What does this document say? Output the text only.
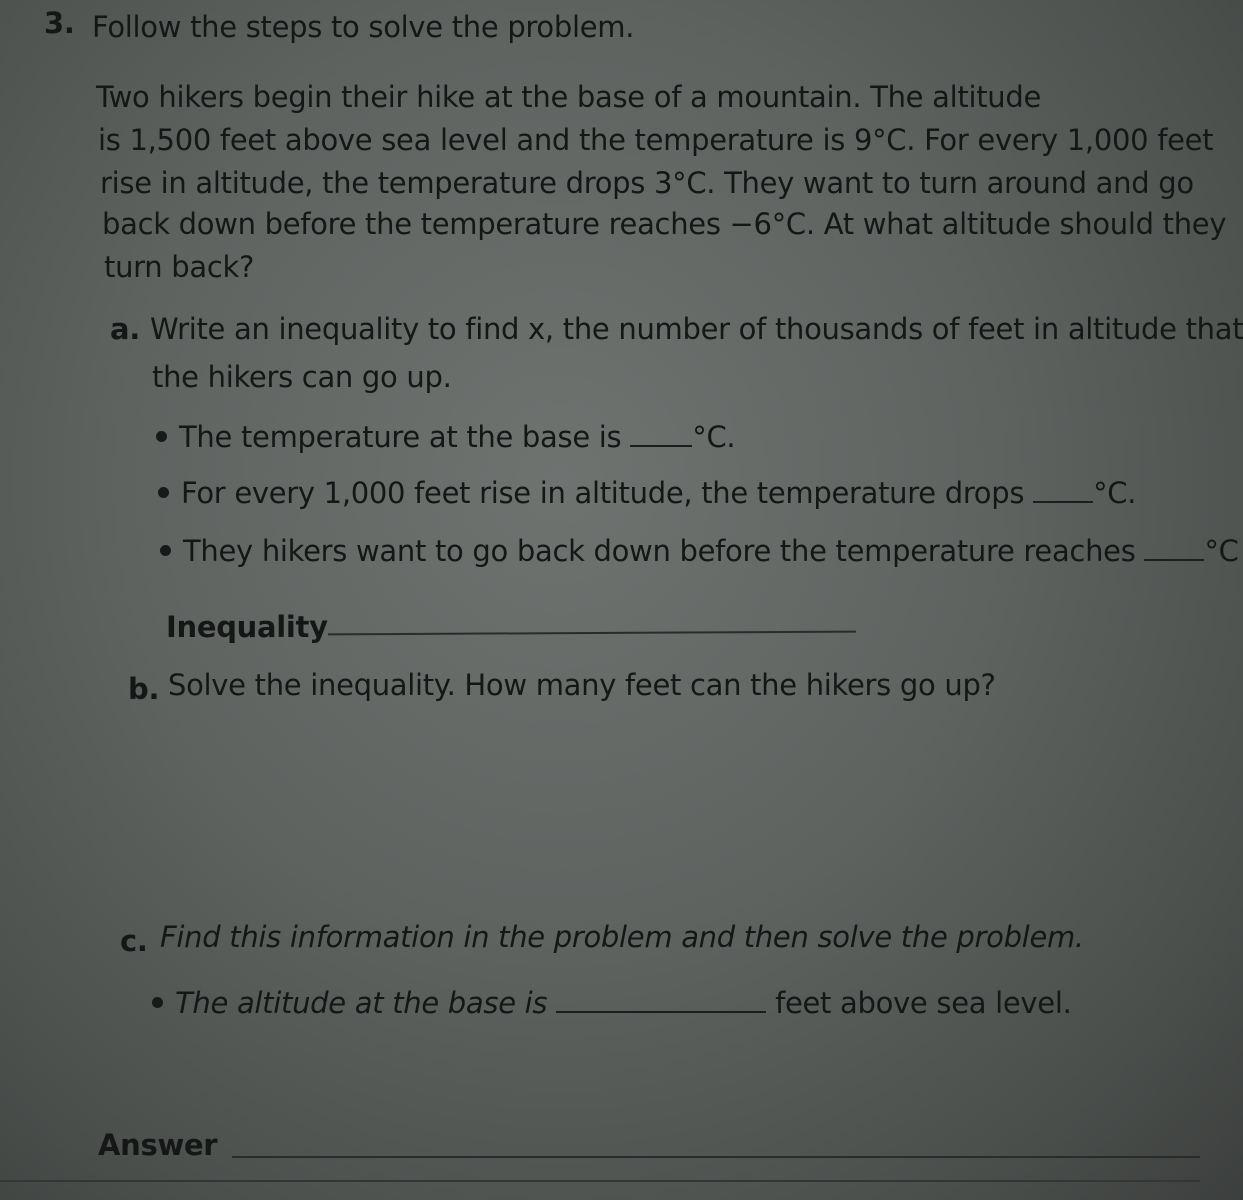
3. Follow the steps to solve the problem.
Two hikers begin their hike at the base of a mountain. The altitude
is 1,500 feet above sea level and the temperature is 9°C. For every 1,000 feet
rise in altitude, the temperature drops 3°C. They want to turn around and go
back down before the temperature reaches −6°C. At what altitude should they
turn back?
a. Write an inequality to find x, the number of thousands of feet in altitude that
the hikers can go up.
The temperature at the base is °C.
For every 1,000 feet rise in altitude, the temperature drops °C.
They hikers want to go back down before the temperature reaches °C
Inequality
b. Solve the inequality. How many feet can the hikers go up?
c. Find this information in the problem and then solve the problem.
The altitude at the base is	feet above sea level.
Answer
